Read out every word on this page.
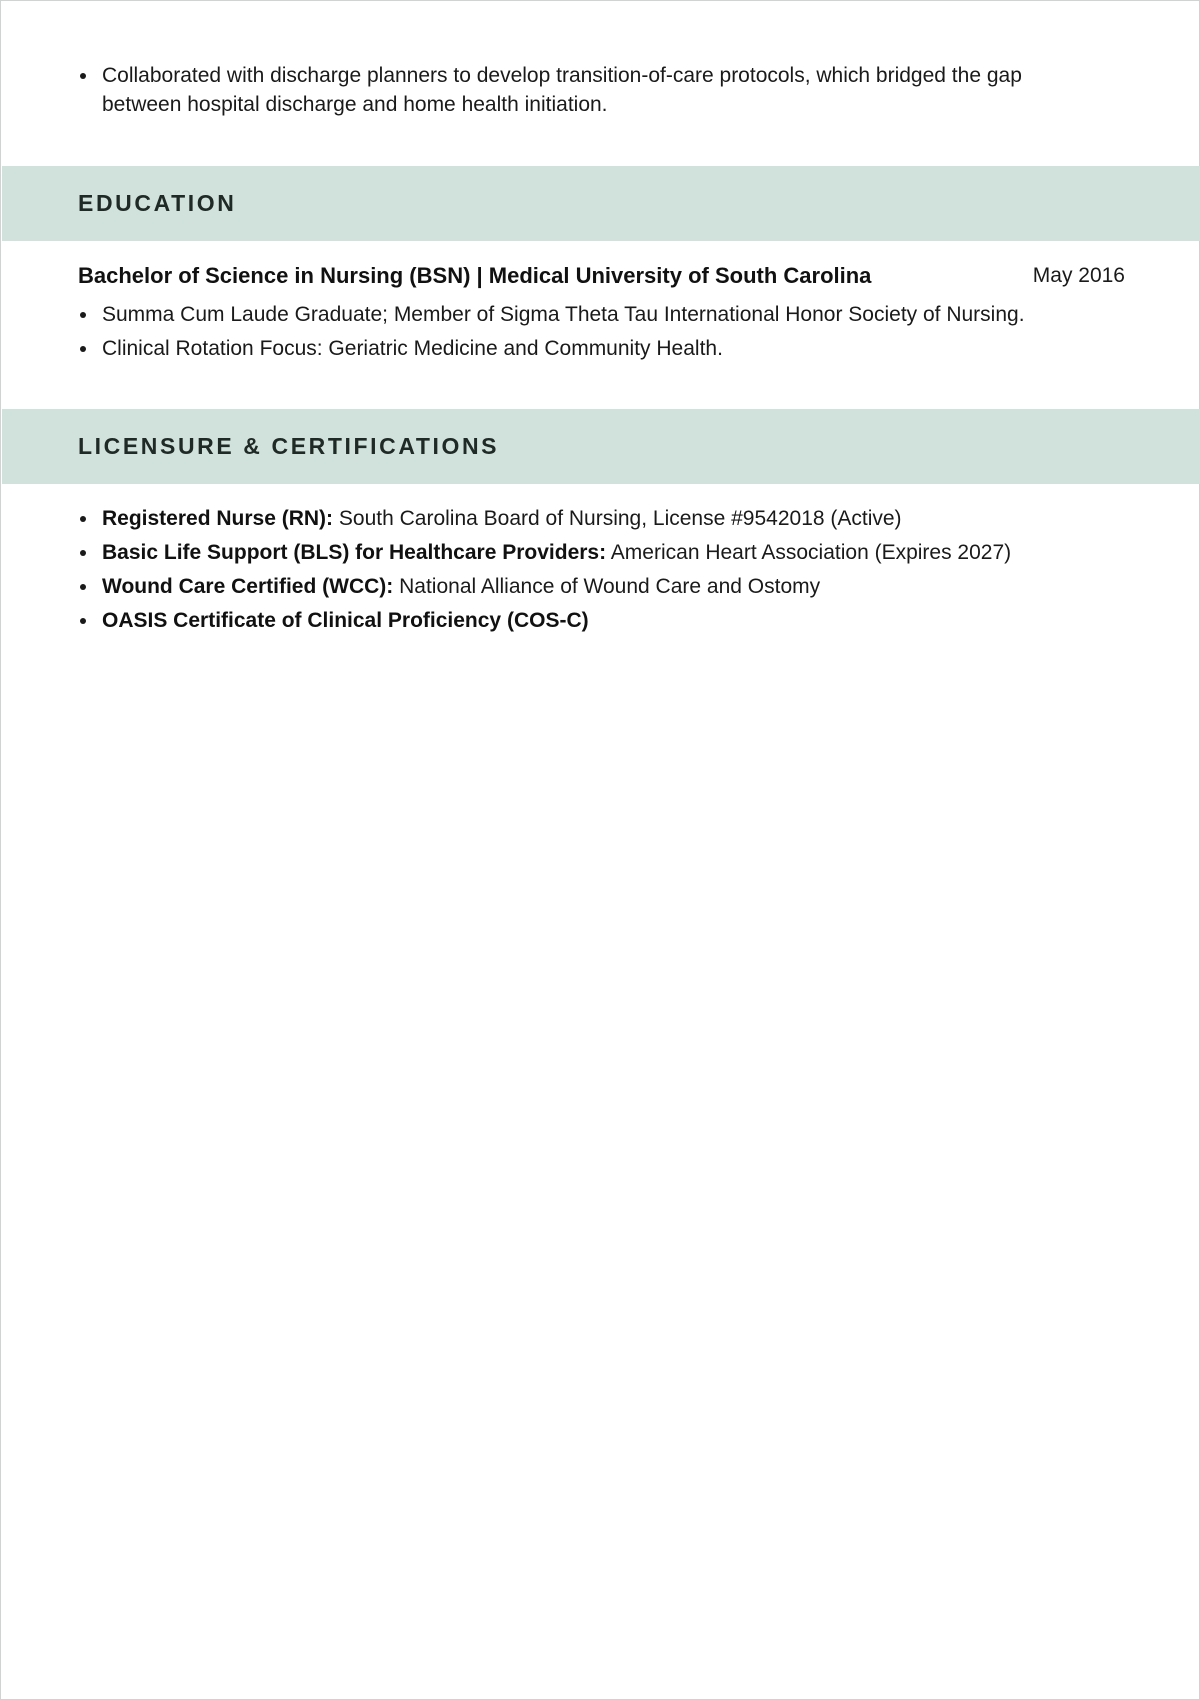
Collaborated with discharge planners to develop transition-of-care protocols, which bridged the gap between hospital discharge and home health initiation.
EDUCATION
Bachelor of Science in Nursing (BSN) | Medical University of South Carolina	May 2016
Summa Cum Laude Graduate; Member of Sigma Theta Tau International Honor Society of Nursing.
Clinical Rotation Focus: Geriatric Medicine and Community Health.
LICENSURE & CERTIFICATIONS
Registered Nurse (RN): South Carolina Board of Nursing, License #9542018 (Active)
Basic Life Support (BLS) for Healthcare Providers: American Heart Association (Expires 2027)
Wound Care Certified (WCC): National Alliance of Wound Care and Ostomy
OASIS Certificate of Clinical Proficiency (COS-C)
